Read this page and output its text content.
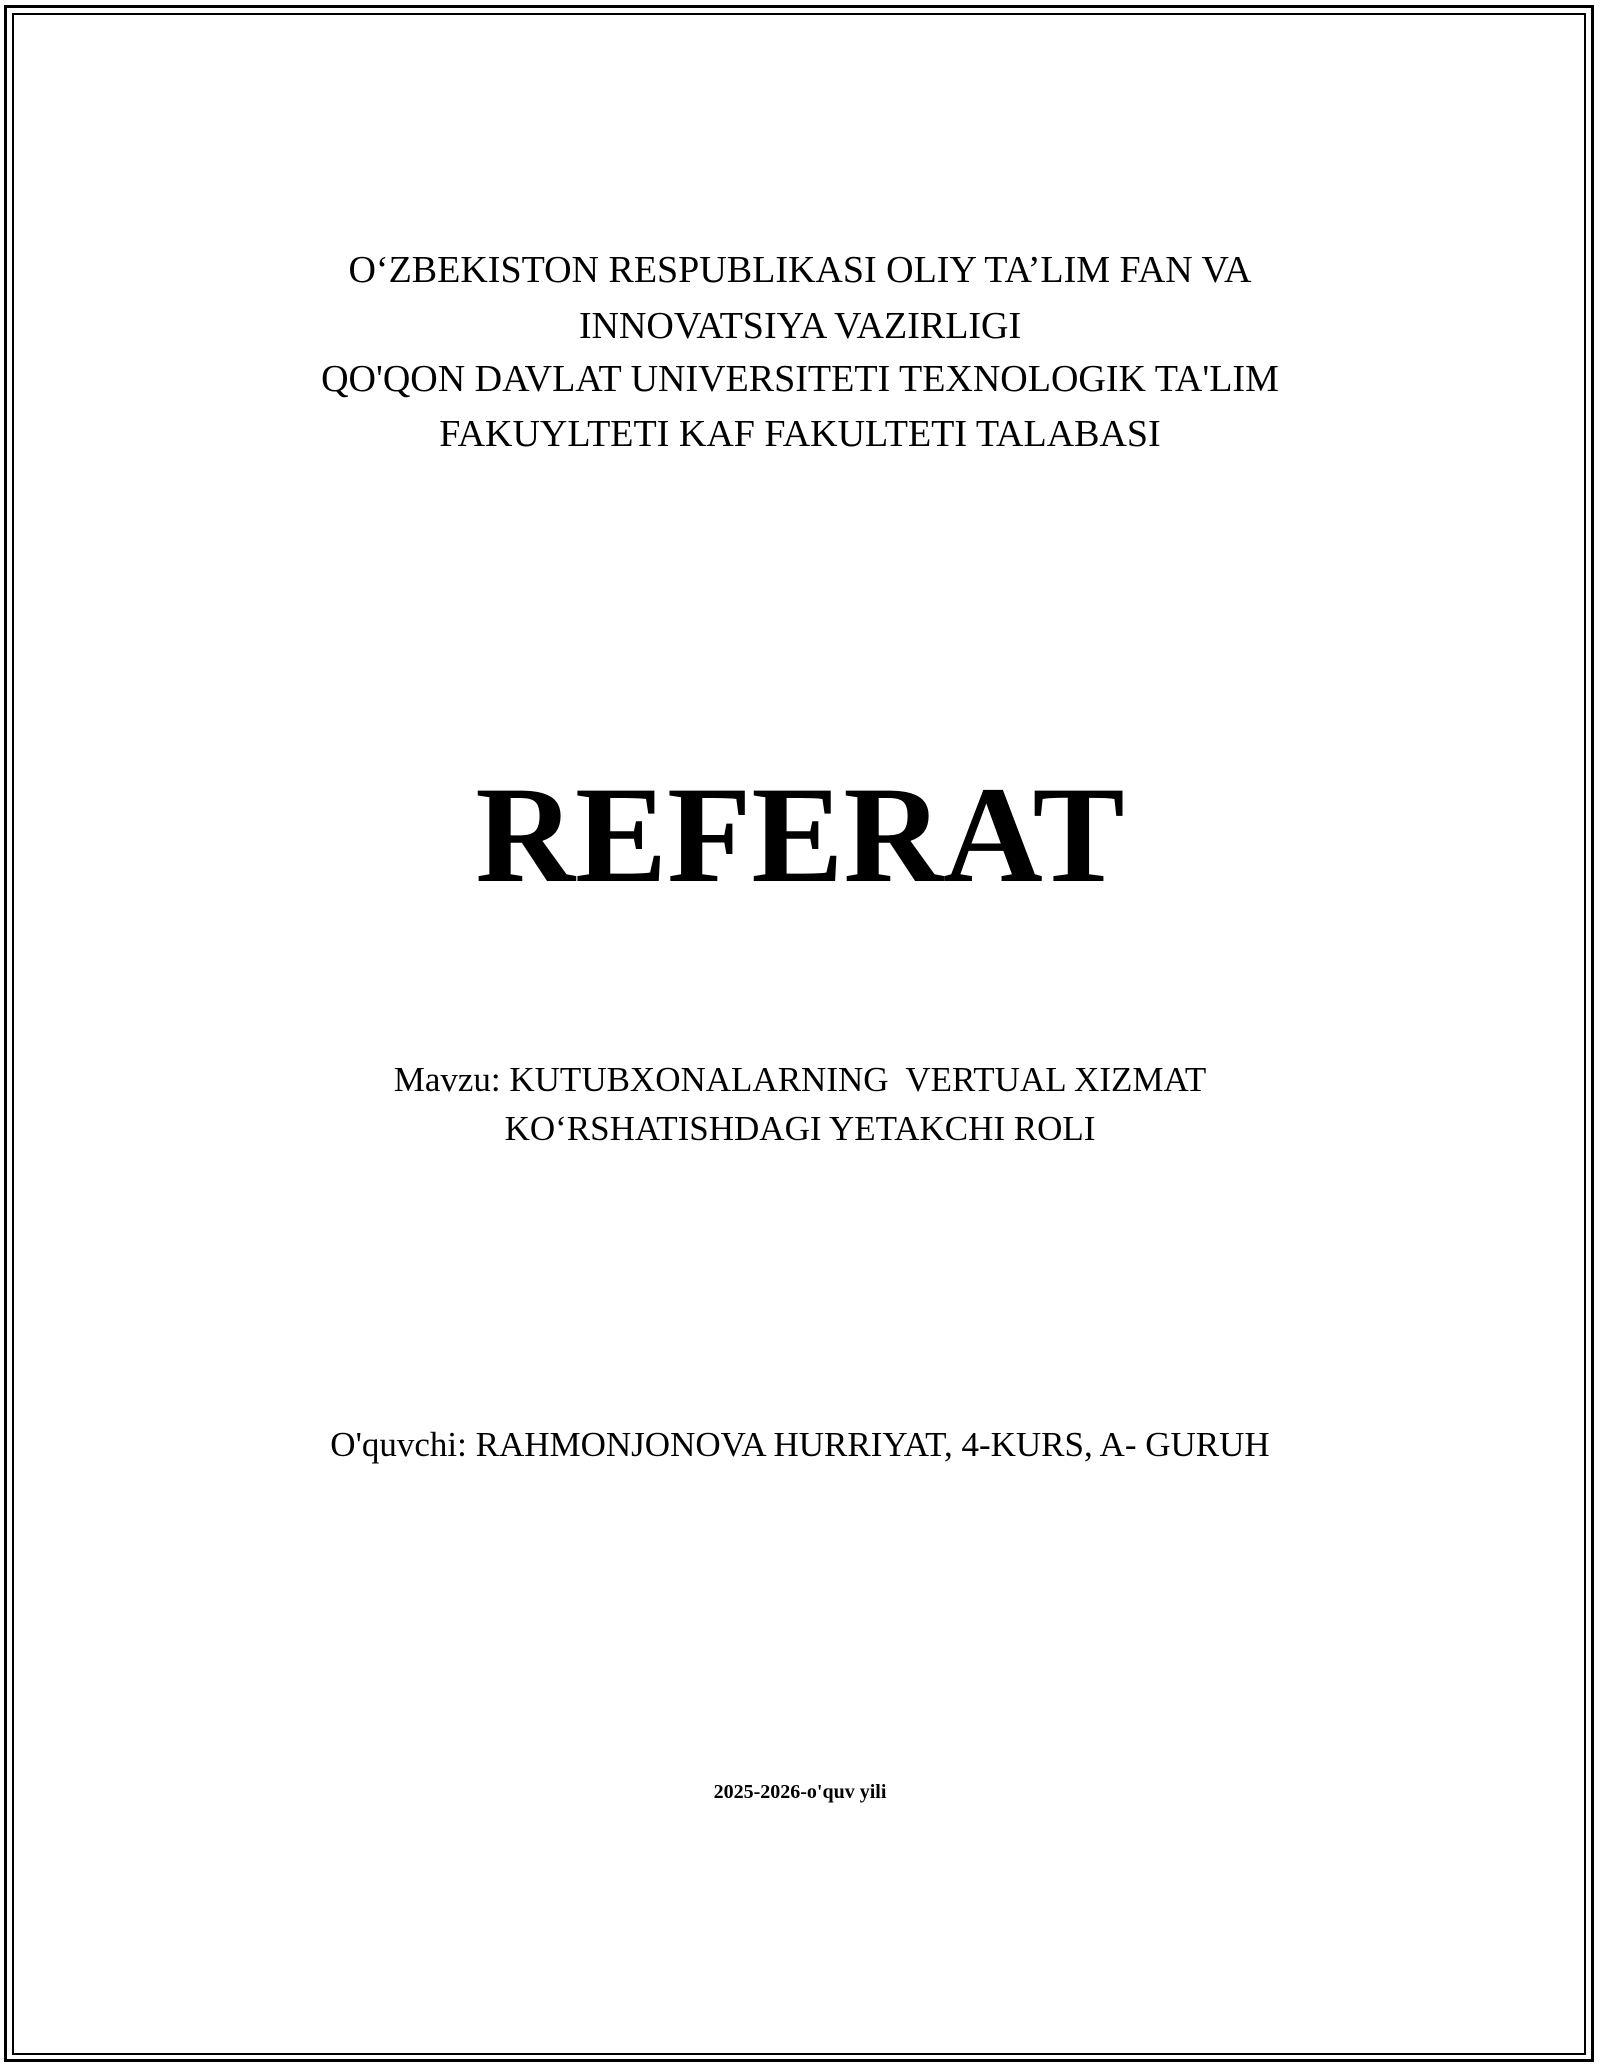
O‘ZBEKISTON RESPUBLIKASI OLIY TA’LIM FAN VA

INNOVATSIYA VAZIRLIGI

QO'QON DAVLAT UNIVERSITETI TEXNOLOGIK TA'LIM

FAKUYLTETI KAF FAKULTETI TALABASI

REFERAT

Mavzu: KUTUBXONALARNING  VERTUAL XIZMAT

KO‘RSHATISHDAGI YETAKCHI ROLI

O'quvchi: RAHMONJONOVA HURRIYAT, 4-KURS, A- GURUH

2025-2026-o'quv yili
